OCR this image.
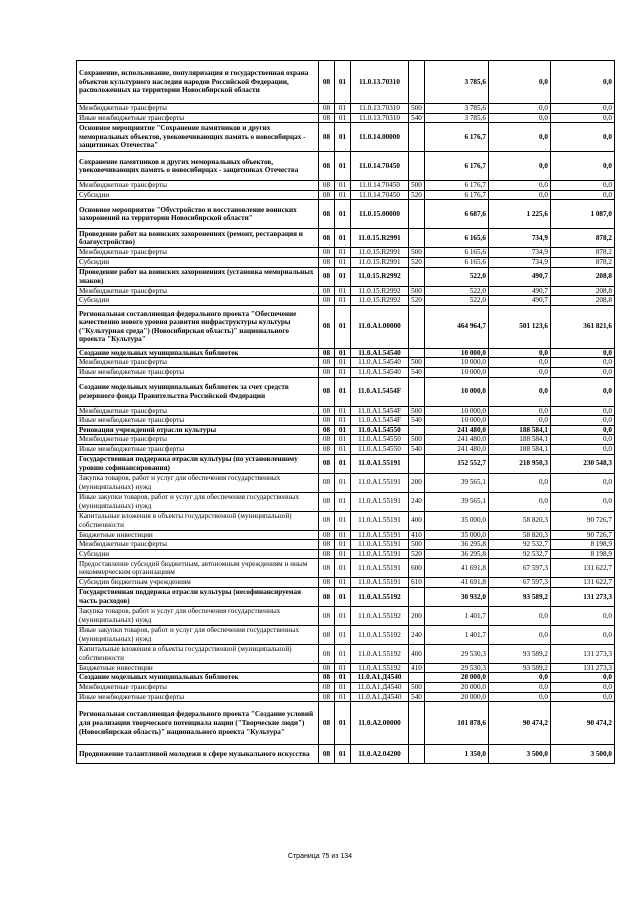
Сохранение, использование, популяризация и государственная охрана объектов культурного наследия народов Российской Федерации, расположенных на территории Новосибирской области	08	01	11.0.13.70310		3 785,6	0,0	0,0
Межбюджетные трансферты	08	01	11.0.13.70310	500	3 785,6	0,0	0,0
Иные межбюджетные трансферты	08	01	11.0.13.70310	540	3 785,6	0,0	0,0
Основное мероприятие "Сохранение памятников и других мемориальных объектов, увековечивающих память о новосибирцах - защитниках Отечества"	08	01	11.0.14.00000		6 176,7	0,0	0,0
Сохранение памятников и других мемориальных объектов, увековечивающих память о новосибирцах - защитниках Отечества	08	01	11.0.14.70450		6 176,7	0,0	0,0
Межбюджетные трансферты	08	01	11.0.14.70450	500	6 176,7	0,0	0,0
Субсидии	08	01	11.0.14.70450	520	6 176,7	0,0	0,0
Основное мероприятие "Обустройство и восстановление воинских захоронений на территории Новосибирской области"	08	01	11.0.15.00000		6 687,6	1 225,6	1 087,0
Проведение работ на воинских захоронениях (ремонт, реставрация и благоустройство)	08	01	11.0.15.R2991		6 165,6	734,9	878,2
Межбюджетные трансферты	08	01	11.0.15.R2991	500	6 165,6	734,9	878,2
Субсидии	08	01	11.0.15.R2991	520	6 165,6	734,9	878,2
Проведение работ на воинских захоронениях (установка мемориальных знаков)	08	01	11.0.15.R2992		522,0	490,7	208,8
Межбюджетные трансферты	08	01	11.0.15.R2992	500	522,0	490,7	208,8
Субсидии	08	01	11.0.15.R2992	520	522,0	490,7	208,8
Региональная составляющая федерального проекта "Обеспечение качественно нового уровня развития инфраструктуры культуры ("Культурная среда") (Новосибирская область)" национального проекта "Культура"	08	01	11.0.А1.00000		464 964,7	501 123,6	361 821,6
Создание модельных муниципальных библиотек	08	01	11.0.А1.54540		10 000,0	0,0	0,0
Межбюджетные трансферты	08	01	11.0.А1.54540	500	10 000,0	0,0	0,0
Иные межбюджетные трансферты	08	01	11.0.А1.54540	540	10 000,0	0,0	0,0
Создание модельных муниципальных библиотек за счет средств резервного фонда Правительства Российской Федерации	08	01	11.0.А1.5454F		10 000,0	0,0	0,0
Межбюджетные трансферты	08	01	11.0.А1.5454F	500	10 000,0	0,0	0,0
Иные межбюджетные трансферты	08	01	11.0.А1.5454F	540	10 000,0	0,0	0,0
Реновация учреждений отрасли культуры	08	01	11.0.А1.54550		241 480,0	188 584,1	0,0
Межбюджетные трансферты	08	01	11.0.А1.54550	500	241 480,0	188 584,1	0,0
Иные межбюджетные трансферты	08	01	11.0.А1.54550	540	241 480,0	188 584,1	0,0
Государственная поддержка отрасли культуры (по установленному уровню софинансирования)	08	01	11.0.А1.55191		152 552,7	218 950,3	230 548,3
Закупка товаров, работ и услуг для обеспечения государственных (муниципальных) нужд	08	01	11.0.А1.55191	200	39 565,1	0,0	0,0
Иные закупки товаров, работ и услуг для обеспечения государственных (муниципальных) нужд	08	01	11.0.А1.55191	240	39 565,1	0,0	0,0
Капитальные вложения в объекты государственной (муниципальной) собственности	08	01	11.0.А1.55191	400	35 000,0	58 820,3	90 726,7
Бюджетные инвестиции	08	01	11.0.А1.55191	410	35 000,0	58 820,3	90 726,7
Межбюджетные трансферты	08	01	11.0.А1.55191	500	36 295,8	92 532,7	8 198,9
Субсидии	08	01	11.0.А1.55191	520	36 295,8	92 532,7	8 198,9
Предоставление субсидий бюджетным, автономным учреждениям и иным некоммерческим организациям	08	01	11.0.А1.55191	600	41 691,8	67 597,3	131 622,7
Субсидии бюджетным учреждениям	08	01	11.0.А1.55191	610	41 691,8	67 597,3	131 622,7
Государственная поддержка отрасли культуры (несофинансируемая часть расходов)	08	01	11.0.А1.55192		30 932,0	93 589,2	131 273,3
Закупка товаров, работ и услуг для обеспечения государственных (муниципальных) нужд	08	01	11.0.А1.55192	200	1 401,7	0,0	0,0
Иные закупки товаров, работ и услуг для обеспечения государственных (муниципальных) нужд	08	01	11.0.А1.55192	240	1 401,7	0,0	0,0
Капитальные вложения в объекты государственной (муниципальной) собственности	08	01	11.0.А1.55192	400	29 530,3	93 589,2	131 273,3
Бюджетные инвестиции	08	01	11.0.А1.55192	410	29 530,3	93 589,2	131 273,3
Создание модельных муниципальных библиотек	08	01	11.0.А1.Д4540		20 000,0	0,0	0,0
Межбюджетные трансферты	08	01	11.0.А1.Д4540	500	20 000,0	0,0	0,0
Иные межбюджетные трансферты	08	01	11.0.А1.Д4540	540	20 000,0	0,0	0,0
Региональная составляющая федерального проекта "Создание условий для реализации творческого потенциала нации ("Творческие люди") (Новосибирская область)" национального проекта "Культура"	08	01	11.0.А2.00000		101 878,6	90 474,2	90 474,2
Продвижение талантливой молодежи в сфере музыкального искусства	08	01	11.0.А2.04200		1 350,0	3 500,0	3 500,0
Страница 75 из 134
